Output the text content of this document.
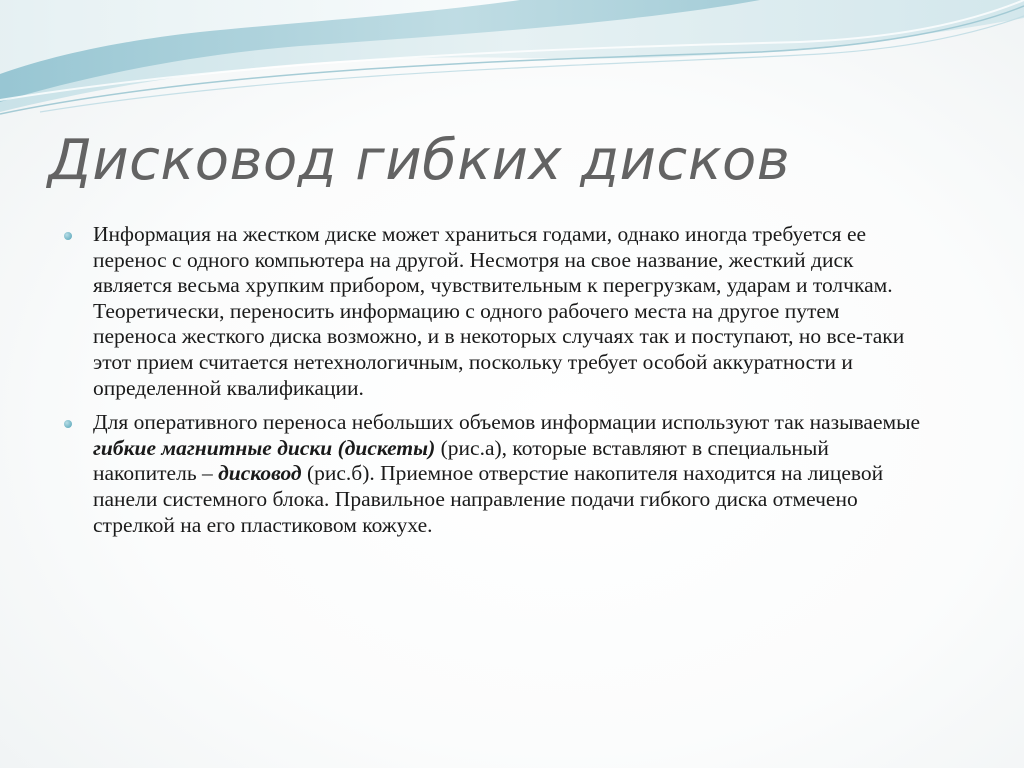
Дисковод гибких дисков
Информация на жестком диске может храниться годами, однако иногда требуется ее перенос с одного компьютера на другой. Несмотря на свое название, жесткий диск является весьма хрупким прибором, чувствительным к перегрузкам, ударам и толчкам. Теоретически, переносить информацию с одного рабочего места на другое путем переноса жесткого диска возможно, и в некоторых случаях так и поступают, но все-таки этот прием считается нетехнологичным, поскольку требует особой аккуратности и определенной квалификации.
Для оперативного переноса небольших объемов информации используют так называемые гибкие магнитные диски (дискеты) (рис.а), которые вставляют в специальный накопитель – дисковод (рис.б). Приемное отверстие накопителя находится на лицевой панели системного блока. Правильное направление подачи гибкого диска отмечено стрелкой на его пластиковом кожухе.
